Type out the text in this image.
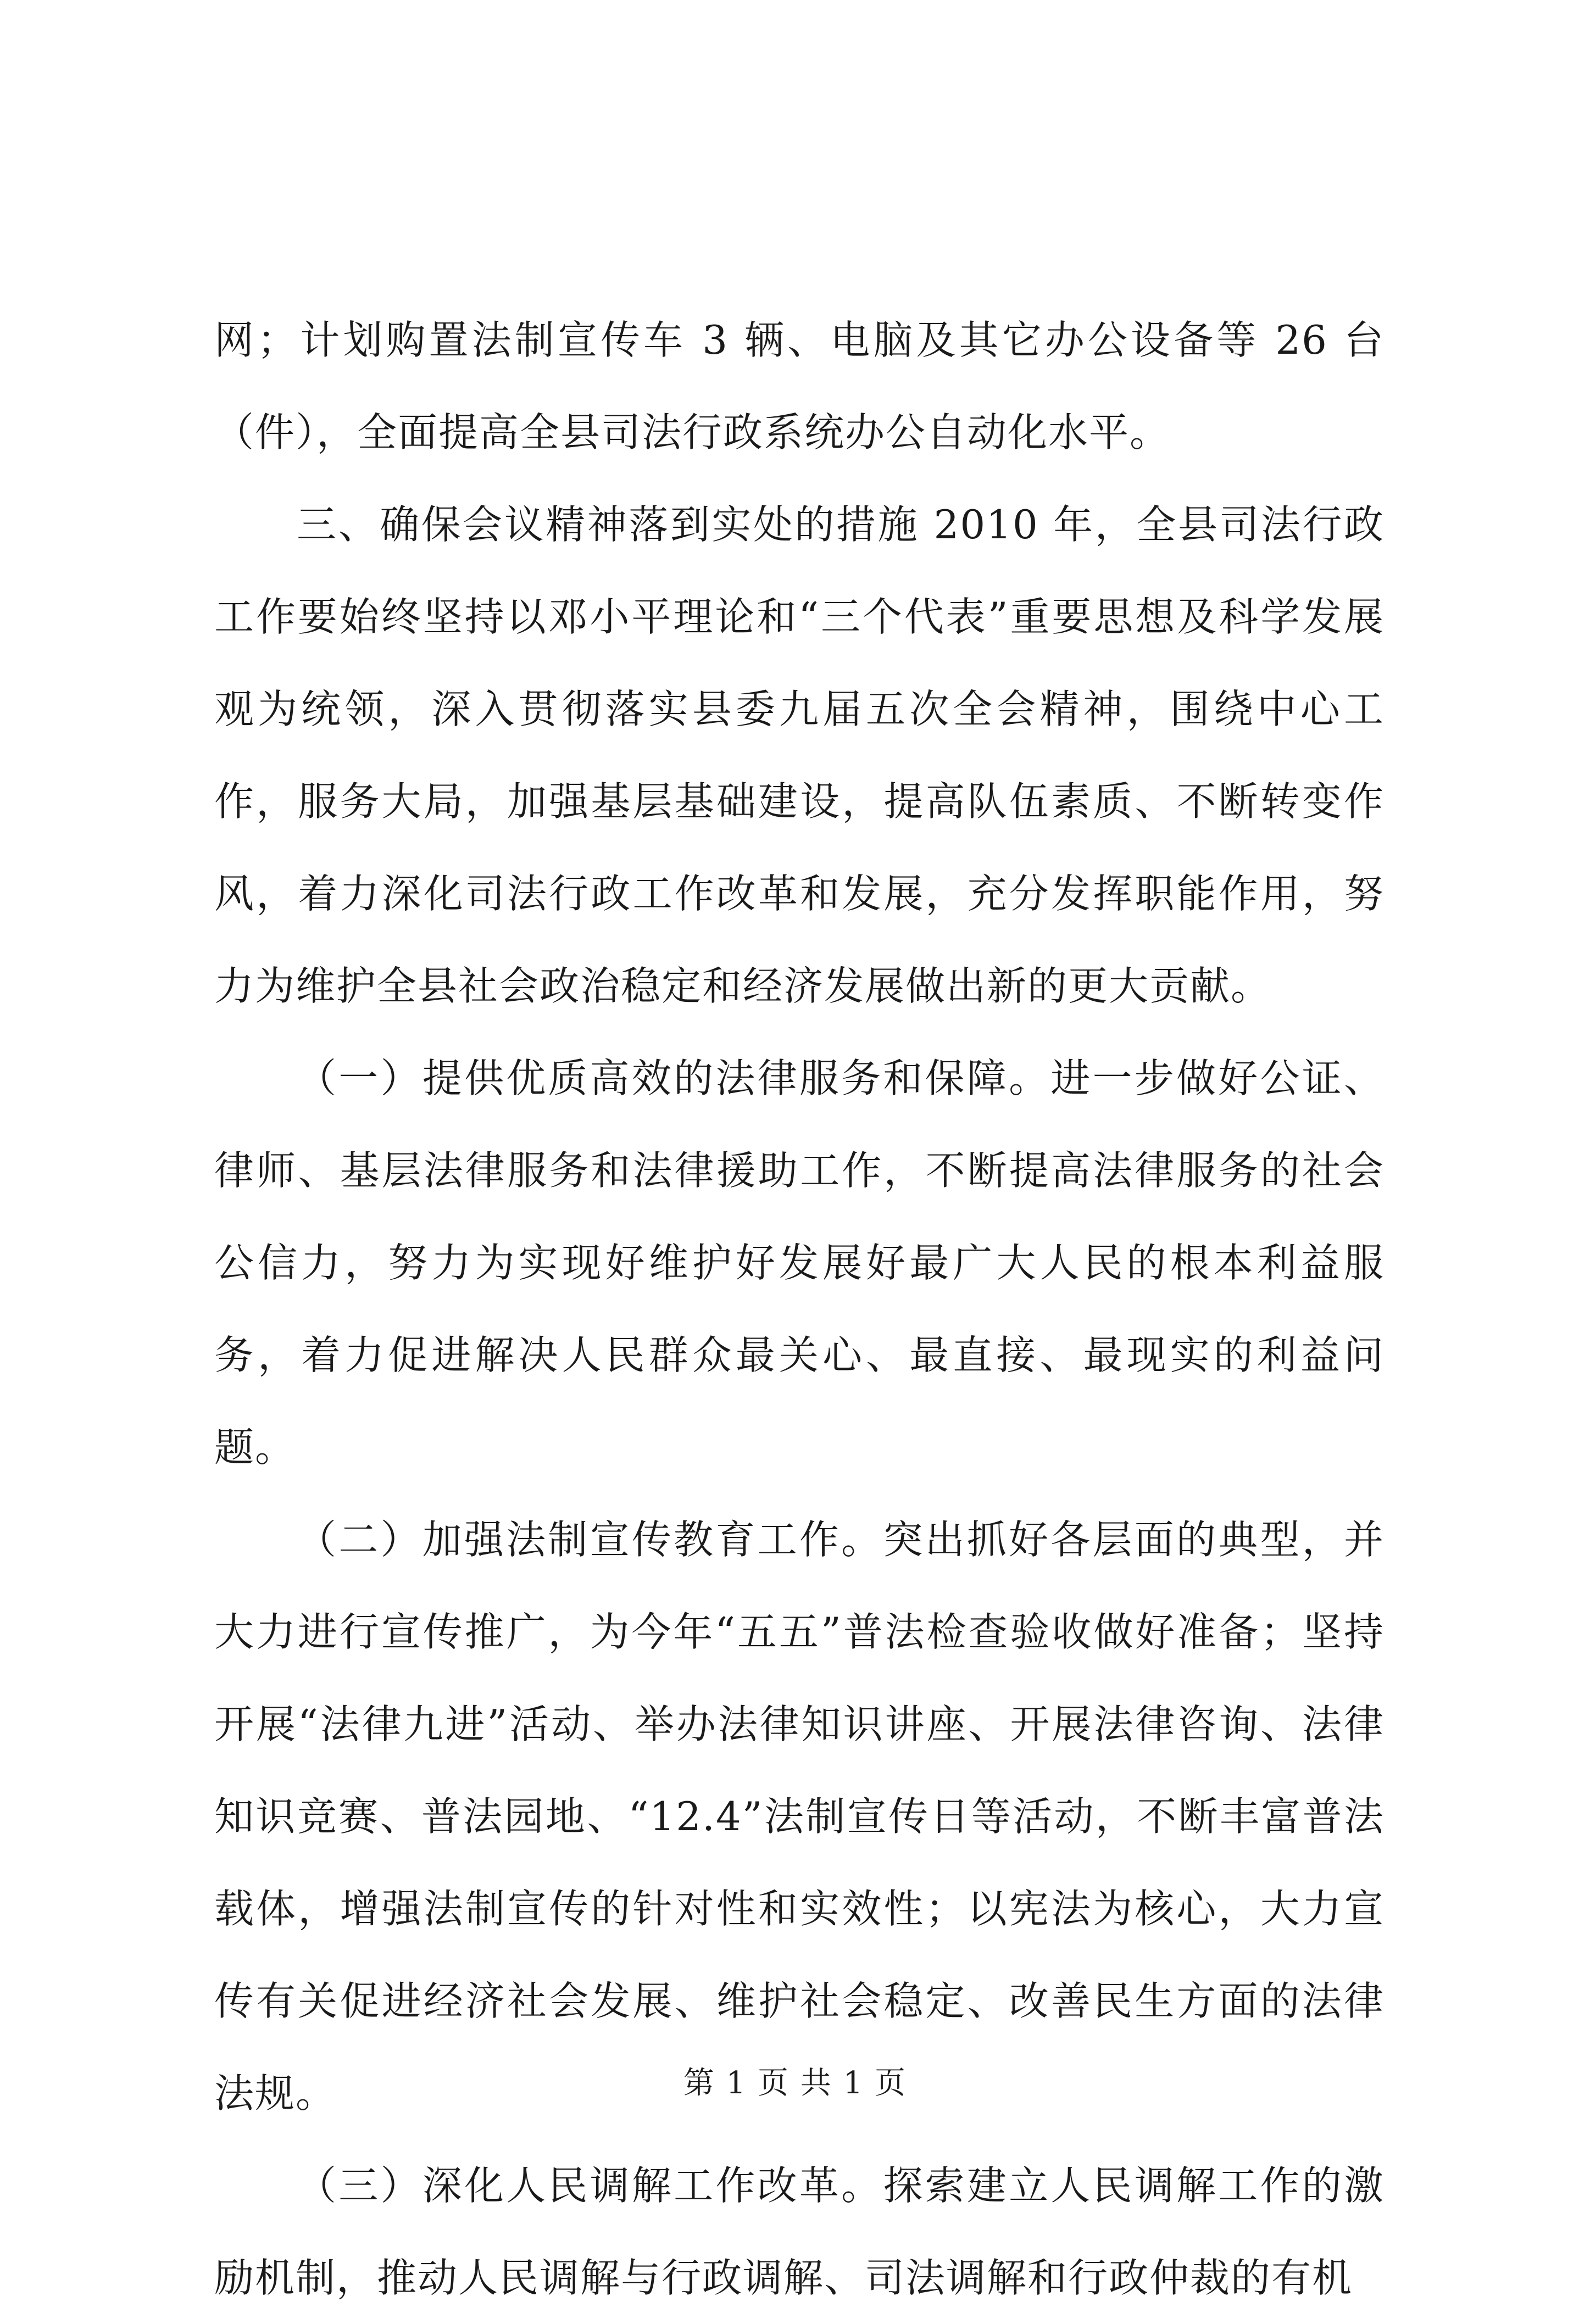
网；计划购置法制宣传车 3 辆、电脑及其它办公设备等 26 台（件），全面提高全县司法行政系统办公自动化水平。

三、确保会议精神落到实处的措施 2010 年，全县司法行政工作要始终坚持以邓小平理论和“三个代表”重要思想及科学发展观为统领，深入贯彻落实县委九届五次全会精神，围绕中心工作，服务大局，加强基层基础建设，提高队伍素质、不断转变作风，着力深化司法行政工作改革和发展，充分发挥职能作用，努力为维护全县社会政治稳定和经济发展做出新的更大贡献。

（一）提供优质高效的法律服务和保障。进一步做好公证、律师、基层法律服务和法律援助工作，不断提高法律服务的社会公信力，努力为实现好维护好发展好最广大人民的根本利益服务，着力促进解决人民群众最关心、最直接、最现实的利益问题。

（二）加强法制宣传教育工作。突出抓好各层面的典型，并大力进行宣传推广，为今年“五五”普法检查验收做好准备；坚持开展“法律九进”活动、举办法律知识讲座、开展法律咨询、法律知识竞赛、普法园地、“12.4”法制宣传日等活动，不断丰富普法载体，增强法制宣传的针对性和实效性；以宪法为核心，大力宣传有关促进经济社会发展、维护社会稳定、改善民生方面的法律法规。

（三）深化人民调解工作改革。探索建立人民调解工作的激励机制，推动人民调解与行政调解、司法调解和行政仲裁的有机

第 1 页 共 1 页
